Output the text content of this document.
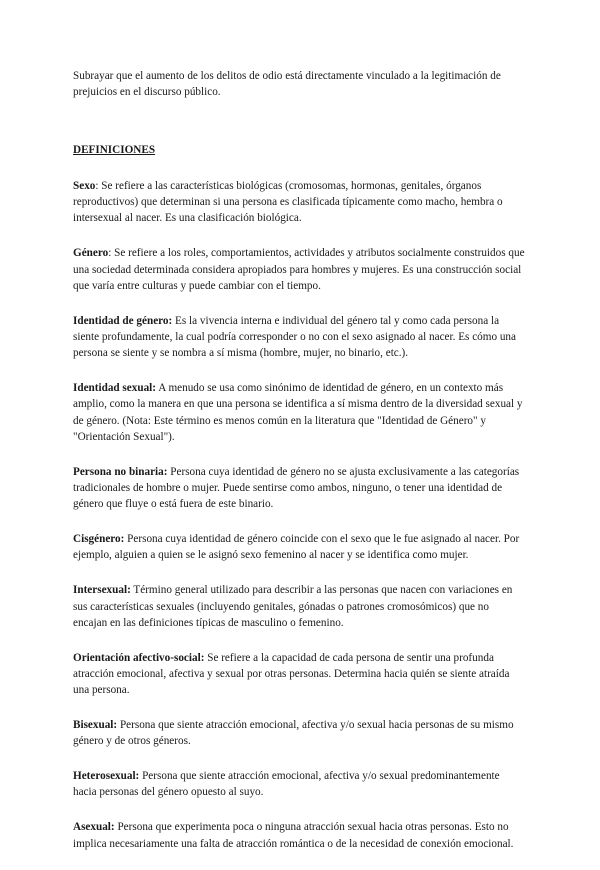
Subrayar que el aumento de los delitos de odio está directamente vinculado a la legitimación de prejuicios en el discurso público.

DEFINICIONES

Sexo: Se refiere a las características biológicas (cromosomas, hormonas, genitales, órganos reproductivos) que determinan si una persona es clasificada típicamente como macho, hembra o intersexual al nacer. Es una clasificación biológica.

Género: Se refiere a los roles, comportamientos, actividades y atributos socialmente construidos que una sociedad determinada considera apropiados para hombres y mujeres. Es una construcción social que varía entre culturas y puede cambiar con el tiempo.

Identidad de género: Es la vivencia interna e individual del género tal y como cada persona la siente profundamente, la cual podría corresponder o no con el sexo asignado al nacer. Es cómo una persona se siente y se nombra a sí misma (hombre, mujer, no binario, etc.).

Identidad sexual: A menudo se usa como sinónimo de identidad de género, en un contexto más amplio, como la manera en que una persona se identifica a sí misma dentro de la diversidad sexual y de género. (Nota: Este término es menos común en la literatura que "Identidad de Género" y "Orientación Sexual").

Persona no binaria: Persona cuya identidad de género no se ajusta exclusivamente a las categorías tradicionales de hombre o mujer. Puede sentirse como ambos, ninguno, o tener una identidad de género que fluye o está fuera de este binario.

Cisgénero: Persona cuya identidad de género coincide con el sexo que le fue asignado al nacer. Por ejemplo, alguien a quien se le asignó sexo femenino al nacer y se identifica como mujer.

Intersexual: Término general utilizado para describir a las personas que nacen con variaciones en sus características sexuales (incluyendo genitales, gónadas o patrones cromosómicos) que no encajan en las definiciones típicas de masculino o femenino.

Orientación afectivo-social: Se refiere a la capacidad de cada persona de sentir una profunda atracción emocional, afectiva y sexual por otras personas. Determina hacia quién se siente atraída una persona.

Bisexual: Persona que siente atracción emocional, afectiva y/o sexual hacia personas de su mismo género y de otros géneros.

Heterosexual: Persona que siente atracción emocional, afectiva y/o sexual predominantemente hacia personas del género opuesto al suyo.

Asexual: Persona que experimenta poca o ninguna atracción sexual hacia otras personas. Esto no implica necesariamente una falta de atracción romántica o de la necesidad de conexión emocional.
